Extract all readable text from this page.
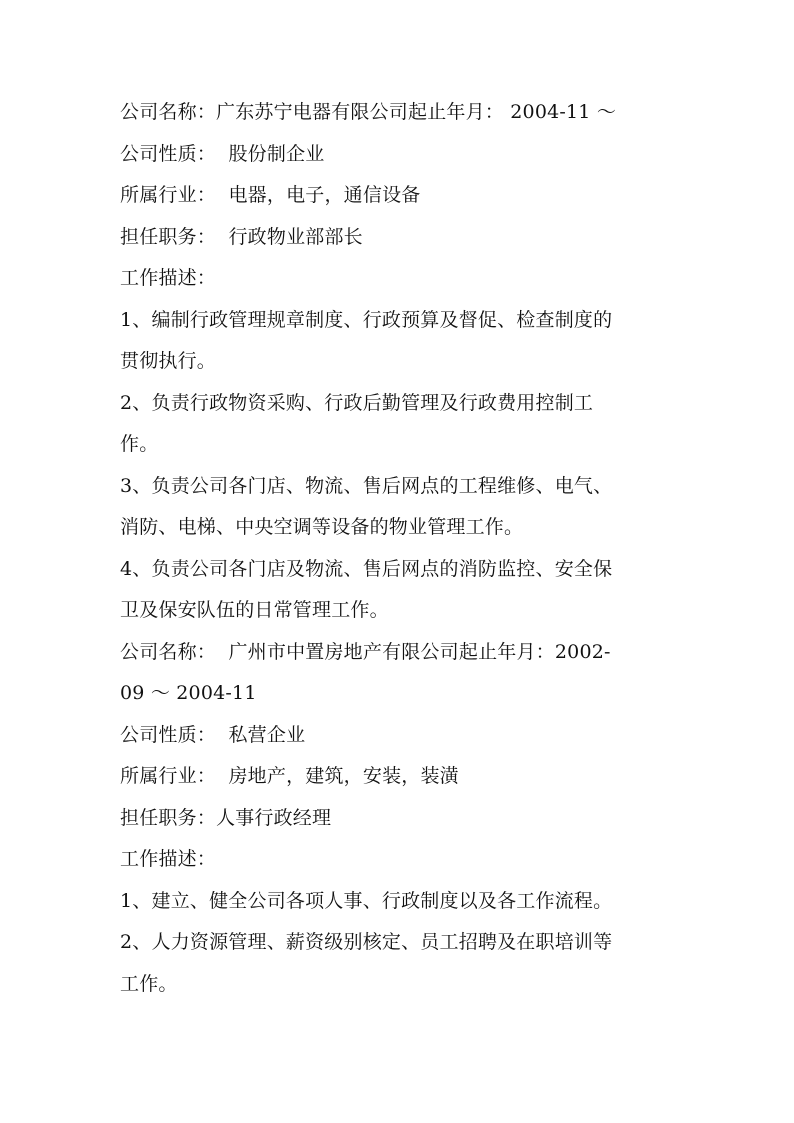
公司名称：广东苏宁电器有限公司起止年月： 2004-11 ～
公司性质：  股份制企业
所属行业：  电器，电子，通信设备
担任职务：  行政物业部部长
工作描述：
1、编制行政管理规章制度、行政预算及督促、检查制度的
贯彻执行。
2、负责行政物资采购、行政后勤管理及行政费用控制工
作。
3、负责公司各门店、物流、售后网点的工程维修、电气、
消防、电梯、中央空调等设备的物业管理工作。
4、负责公司各门店及物流、售后网点的消防监控、安全保
卫及保安队伍的日常管理工作。
公司名称：  广州市中置房地产有限公司起止年月：2002-
09 ～ 2004-11
公司性质：  私营企业
所属行业：  房地产，建筑，安装，装潢
担任职务：人事行政经理
工作描述：
1、建立、健全公司各项人事、行政制度以及各工作流程。
2、人力资源管理、薪资级别核定、员工招聘及在职培训等
工作。
